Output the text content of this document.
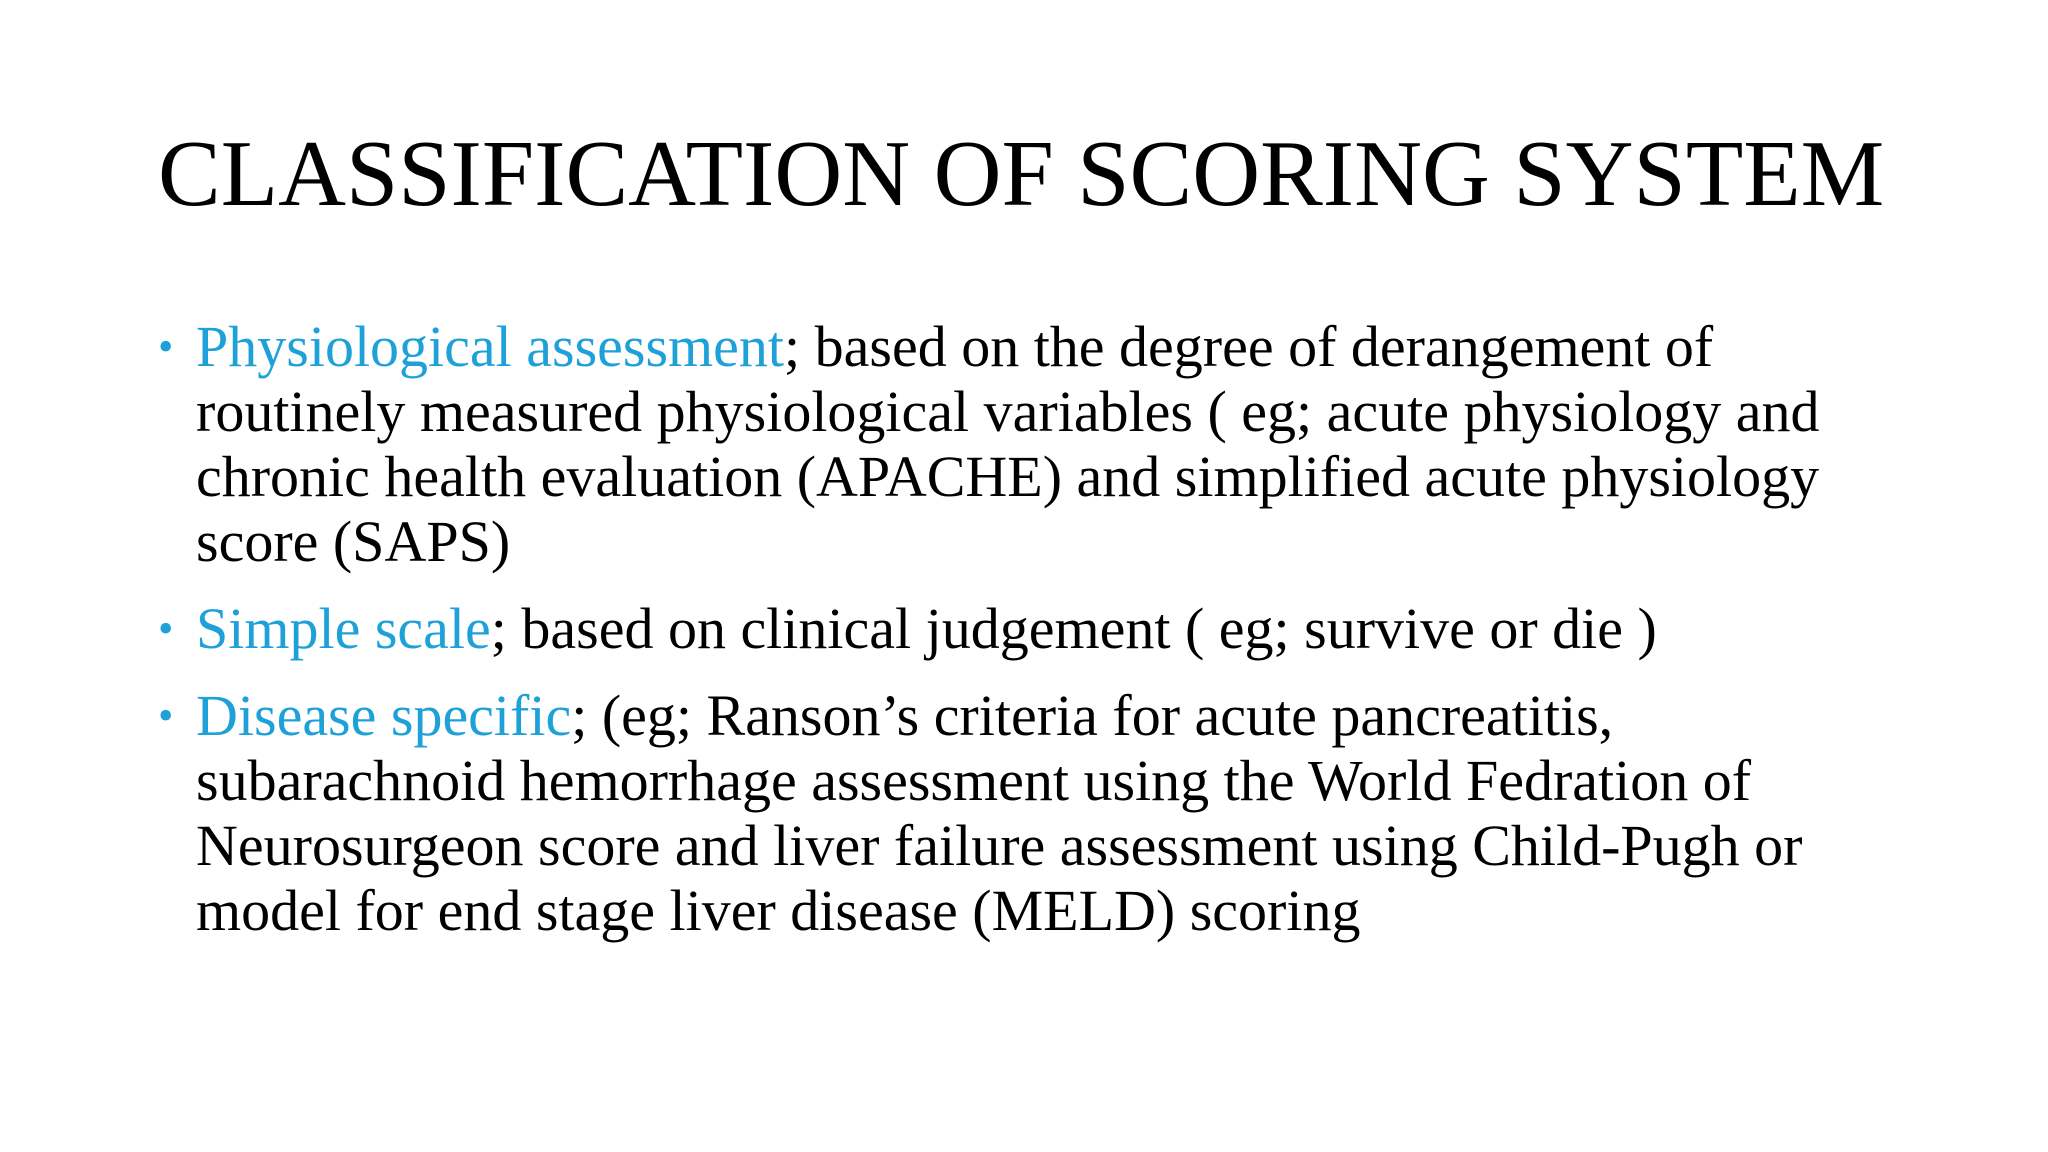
CLASSIFICATION OF SCORING SYSTEM
• Physiological assessment; based on the degree of derangement of routinely measured physiological variables ( eg; acute physiology and chronic health evaluation (APACHE) and simplified acute physiology score (SAPS)
• Simple scale; based on clinical judgement ( eg; survive or die )
• Disease specific; (eg; Ranson’s criteria for acute pancreatitis, subarachnoid hemorrhage assessment using the World Fedration of Neurosurgeon score and liver failure assessment using Child-Pugh or model for end stage liver disease (MELD) scoring
